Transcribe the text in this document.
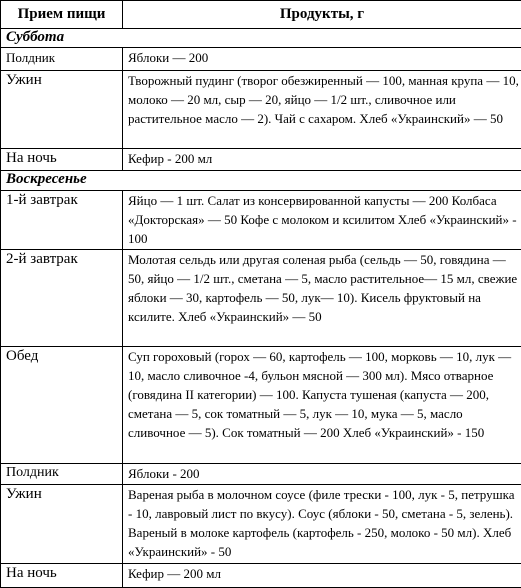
Прием пищи	Продукты, г
Суббота	
Полдник	Яблоки — 200
Ужин	Творожный пудинг (творог обезжиренный — 100, манная крупа — 10, молоко — 20 мл, сыр — 20, яйцо — 1/2 шт., сливочное или растительное масло — 2). Чай с сахаром. Хлеб «Украинский» — 50
На ночь	Кефир - 200 мл
Воскресенье	
1-й завтрак	Яйцо — 1 шт. Салат из консервированной капусты — 200 Колбаса «Докторская» — 50 Кофе с молоком и ксилитом Хлеб «Украинский» - 100
2-й завтрак	Молотая сельдь или другая соленая рыба (сельдь — 50, говядина — 50, яйцо — 1/2 шт., сметана — 5, масло растительное— 15 мл, свежие яблоки — 30, картофель — 50, лук— 10). Кисель фруктовый на ксилите. Хлеб «Украинский» — 50
Обед	Суп гороховый (горох — 60, картофель — 100, морковь — 10, лук —10, масло сливочное -4, бульон мясной — 300 мл). Мясо отварное (говядина II категории) — 100. Капуста тушеная (капуста — 200, сметана — 5, сок томатный — 5, лук — 10, мука — 5, масло сливочное — 5). Сок томатный — 200 Хлеб «Украинский» - 150
Полдник	Яблоки - 200
Ужин	Вареная рыба в молочном соусе (филе трески - 100, лук - 5, петрушка - 10, лавровый лист по вкусу). Соус (яблоки - 50, сметана - 5, зелень). Вареный в молоке картофель (картофель - 250, молоко - 50 мл). Хлеб «Украинский» - 50
На ночь	Кефир — 200 мл
